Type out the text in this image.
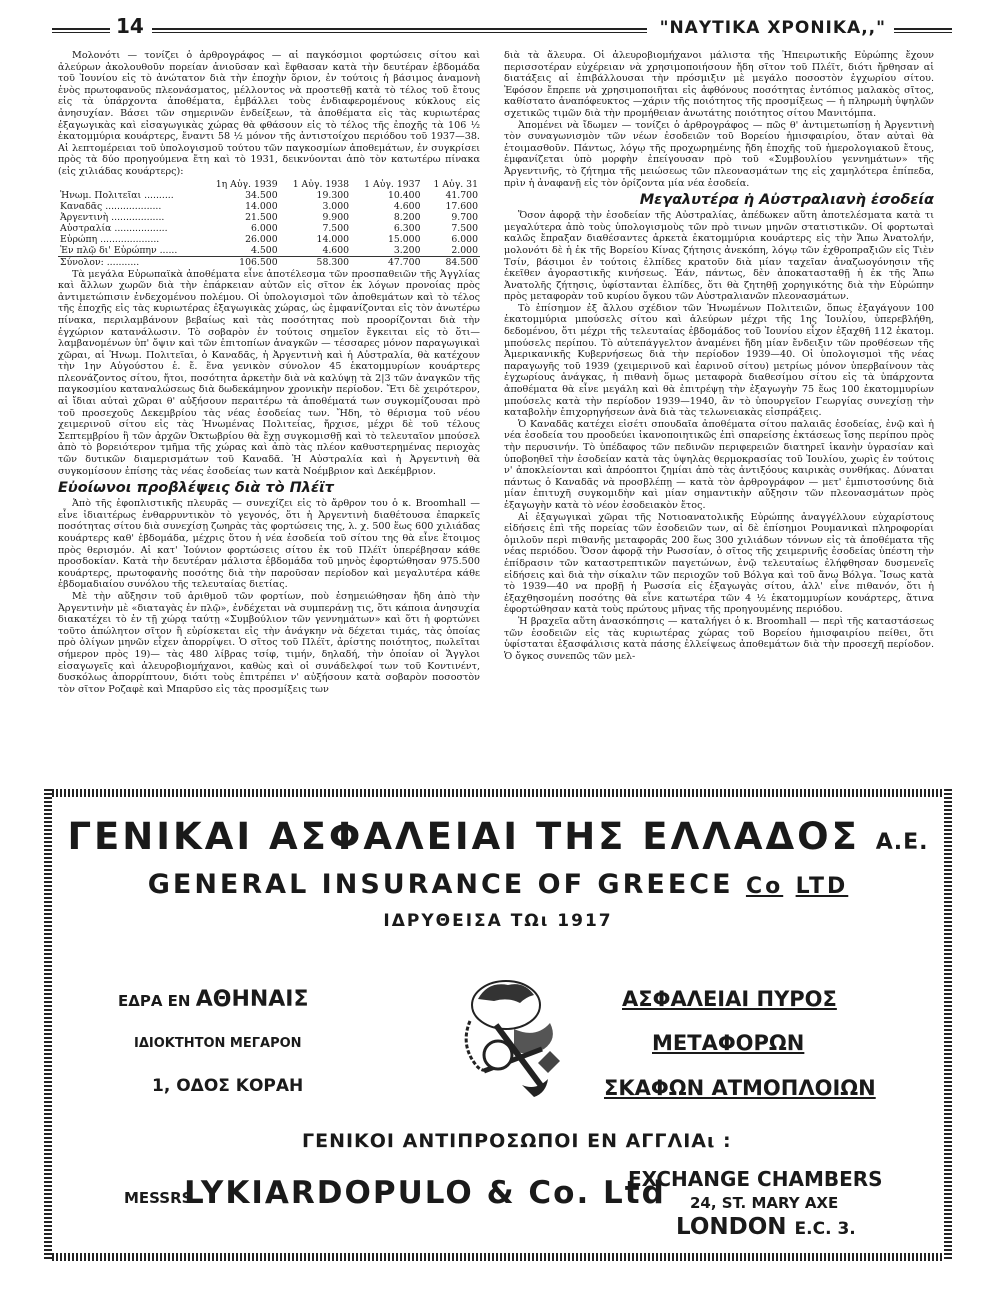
14	"ΝΑΥΤΙΚΑ ΧΡΟΝΙΚΑ,,"

Μολονότι — τονίζει ὁ ἀρθρογράφος — αἱ παγκόσμιοι φορτώσεις σίτου καὶ ἀλεύρων ἀκολουθοῦν πορείαν ἀνιοῦσαν καὶ ἔφθασαν κατὰ τὴν δευτέραν ἑβδομάδα τοῦ Ἰουνίου εἰς τὸ ἀνώτατον διὰ τὴν ἐποχὴν ὅριον, ἐν τούτοις ἡ βάσιμος ἀναμονὴ ἑνὸς πρωτοφανοῦς πλεονάσματος, μέλλοντος νὰ προστεθῇ κατὰ τὸ τέλος τοῦ ἔτους εἰς τὰ ὑπάρχοντα ἀποθέματα, ἐμβάλλει τοὺς ἐνδιαφερομένους κύκλους εἰς ἀνησυχίαν. Βάσει τῶν σημερινῶν ἐνδείξεων, τὰ ἀποθέματα εἰς τὰς κυριωτέρας ἐξαγωγικὰς καὶ εἰσαγωγικὰς χώρας θὰ φθάσουν εἰς τὸ τέλος τῆς ἐποχῆς τὰ 106 ½ ἑκατομμύρια κουάρτερς, ἔναντι 58 ½ μόνον τῆς ἀντιστοίχου περιόδου τοῦ 1937—38. Αἱ λεπτομέρειαι τοῦ ὑπολογισμοῦ τούτου τῶν παγκοσμίων ἀποθεμάτων, ἐν συγκρίσει πρὸς τὰ δύο προηγούμενα ἔτη καὶ τὸ 1931, δεικνύονται ἀπὸ τὸν κατωτέρω πίνακα (εἰς χιλιάδας κουάρτερς):

	1η Αὐγ. 1939	1 Αὐγ. 1938	1 Αὐγ. 1937	1 Αὐγ. 31
Ἡνωμ. Πολιτεῖαι ..........	34.500	19.300	10.400	41.700
Καναδᾶς ...................	14.000	3.000	4.600	17.600
Ἀργεντινὴ ..................	21.500	9.900	8.200	9.700
Αὐστραλία ..................	6.000	7.500	6.300	7.500
Εὐρώπη ....................	26.000	14.000	15.000	6.000
Ἐν πλῷ δι' Εὐρώπην ......	4.500	4.600	3.200	2.000
Σύνολον: ...........	106.500	58.300	47.700	84.500

Τὰ μεγάλα Εὐρωπαϊκὰ ἀποθέματα εἶνε ἀποτέλεσμα τῶν προσπαθειῶν τῆς Ἀγγλίας καὶ ἄλλων χωρῶν διὰ τὴν ἐπάρκειαν αὐτῶν εἰς σῖτον ἐκ λόγων προνοίας πρὸς ἀντιμετώπισιν ἐνδεχομένου πολέμου. Οἱ ὑπολογισμοὶ τῶν ἀποθεμάτων καὶ τὸ τέλος τῆς ἐποχῆς εἰς τὰς κυριωτέρας ἐξαγωγικὰς χώρας, ὡς ἐμφανίζονται εἰς τὸν ἀνωτέρω πίνακα, περιλαμβάνουν βεβαίως καὶ τὰς ποσότητας ποὺ προορίζονται διὰ τὴν ἐγχώριον κατανάλωσιν. Τὸ σοβαρὸν ἐν τούτοις σημεῖον ἔγκειται εἰς τὸ ὅτι— λαμβανομένων ὑπ' ὄψιν καὶ τῶν ἐπιτοπίων ἀναγκῶν — τέσσαρες μόνον παραγωγικαὶ χῶραι, αἱ Ἡνωμ. Πολιτεῖαι, ὁ Καναδᾶς, ἡ Ἀργεντινὴ καὶ ἡ Αὐστραλία, θὰ κατέχουν τὴν 1ην Αὐγούστου ἑ. ἔ. ἕνα γενικὸν σύνολον 45 ἑκατομμυρίων κουάρτερς πλεονάζοντος σίτου, ἤτοι, ποσότητα ἀρκετὴν διὰ νὰ καλύψῃ τὰ 2|3 τῶν ἀναγκῶν τῆς παγκοσμίου καταναλώσεως διὰ δωδεκάμηνον χρονικὴν περίοδον. Ἔτι δὲ χειρότερον, αἱ ἴδιαι αὐταὶ χῶραι θ' αὐξήσουν περαιτέρω τὰ ἀποθέματά των συγκομίζουσαι πρὸ τοῦ προσεχοῦς Δεκεμβρίου τὰς νέας ἐσοδείας των. Ἤδη, τὸ θέρισμα τοῦ νέου χειμερινοῦ σίτου εἰς τὰς Ἡνωμένας Πολιτείας, ἤρχισε, μέχρι δὲ τοῦ τέλους Σεπτεμβρίου ἢ τῶν ἀρχῶν Ὀκτωβρίου θὰ ἔχῃ συγκομισθῇ καὶ τὸ τελευταῖον μπούσελ ἀπὸ τὸ βορειότερον τμῆμα τῆς χώρας καὶ ἀπὸ τὰς πλέον καθυστερημένας περιοχὰς τῶν δυτικῶν διαμερισμάτων τοῦ Καναδᾶ. Ἡ Αὐστραλία καὶ ἡ Ἀργεντινὴ θὰ συγκομίσουν ἐπίσης τὰς νέας ἐσοδείας των κατὰ Νοέμβριον καὶ Δεκέμβριον.

Εὐοίωνοι προβλέψεις διὰ τὸ Πλέϊτ

Ἀπὸ τῆς ἐφοπλιστικῆς πλευρᾶς — συνεχίζει εἰς τὸ ἄρθρον του ὁ κ. Broomhall — εἶνε ἰδιαιτέρως ἐνθαρρυντικὸν τὸ γεγονός, ὅτι ἡ Ἀργεντινὴ διαθέτουσα ἐπαρκεῖς ποσότητας σίτου διὰ συνεχίσῃ ζωηρὰς τὰς φορτώσεις της, λ. χ. 500 ἕως 600 χιλιάδας κουάρτερς καθ' ἑβδομάδα, μέχρις ὅτου ἡ νέα ἐσοδεία τοῦ σίτου της θὰ εἶνε ἕτοιμος πρὸς θερισμόν. Αἱ κατ' Ἰούνιον φορτώσεις σίτου ἐκ τοῦ Πλέϊτ ὑπερέβησαν κάθε προσδοκίαν. Κατὰ τὴν δευτέραν μάλιστα ἑβδομάδα τοῦ μηνὸς ἐφορτώθησαν 975.500 κουάρτερς, πρωτοφανὴς ποσότης διὰ τὴν παροῦσαν περίοδον καὶ μεγαλυτέρα κάθε ἑβδομαδιαίου συνόλου τῆς τελευταίας διετίας.

Μὲ τὴν αὔξησιν τοῦ ἀριθμοῦ τῶν φορτίων, ποὺ ἐσημειώθησαν ἤδη ἀπὸ τὴν Ἀργεντινὴν μὲ «διαταγὰς ἐν πλῷ», ἐνδέχεται νὰ συμπεράνῃ τις, ὅτι κάποια ἀνησυχία διακατέχει τὸ ἐν τῇ χώρᾳ ταύτῃ «Συμβούλιον τῶν γεννημάτων» καὶ ὅτι ἡ φορτώνει τοῦτο ἀπώλητον σῖτον ἢ εὑρίσκεται εἰς τὴν ἀνάγκην νὰ δέχεται τιμάς, τὰς ὁποίας πρὸ ὀλίγων μηνῶν εἶχεν ἀπορρίψει. Ὁ σῖτος τοῦ Πλέϊτ, ἀρίστης ποιότητος, πωλεῖται σήμερον πρὸς 19)— τὰς 480 λίβρας τσίφ, τιμήν, δηλαδή, τὴν ὁποίαν οἱ Ἄγγλοι εἰσαγωγεῖς καὶ ἀλευροβιομήχανοι, καθὼς καὶ οἱ συνάδελφοί των τοῦ Κοντινέντ, δυσκόλως ἀπορρίπτουν, διότι τοὺς ἐπιτρέπει ν' αὐξήσουν κατὰ σοβαρὸν ποσοστὸν τὸν σῖτον Ροζαφὲ καὶ Μπαρῦσο εἰς τὰς προσμίξεις των

διὰ τὰ ἄλευρα. Οἱ ἀλευροβιομήχανοι μάλιστα τῆς Ἠπειρωτικῆς Εὐρώπης ἔχουν περισσοτέραν εὐχέρειαν νὰ χρησιμοποιήσουν ἤδη σῖτον τοῦ Πλέϊτ, διότι ἤρθησαν αἱ διατάξεις αἱ ἐπιβάλλουσαι τὴν πρόσμιξιν μὲ μεγάλο ποσοστὸν ἐγχωρίου σίτου. Ἐφόσον ἔπρεπε νὰ χρησιμοποιῆται εἰς ἀφθόνους ποσότητας ἐντόπιος μαλακὸς σῖτος, καθίστατο ἀναπόφευκτος —χάριν τῆς ποιότητος τῆς προσμίξεως — ἡ πληρωμὴ ὑψηλῶν σχετικῶς τιμῶν διὰ τὴν προμήθειαν ἀνωτάτης ποιότητος σίτου Μανιτόμπα.

Ἀπομένει νὰ ἴδωμεν — τονίζει ὁ ἀρθρογράφος — πῶς θ' ἀντιμετωπίσῃ ἡ Ἀργεντινὴ τὸν συναγωνισμὸν τῶν νέων ἐσοδειῶν τοῦ Βορείου ἡμισφαιρίου, ὅταν αὐταὶ θὰ ἑτοιμασθοῦν. Πάντως, λόγῳ τῆς προχωρημένης ἤδη ἐποχῆς τοῦ ἡμερολογιακοῦ ἔτους, ἐμφανίζεται ὑπὸ μορφὴν ἐπείγουσαν πρὸ τοῦ «Συμβουλίου γεννημάτων» τῆς Ἀργεντινῆς, τὸ ζήτημα τῆς μειώσεως τῶν πλεονασμάτων της εἰς χαμηλότερα ἐπίπεδα, πρὶν ἡ ἀναφανῇ εἰς τὸν ὁρίζοντα μία νέα ἐσοδεία.

Μεγαλυτέρα ἡ Αὐστραλιανὴ ἐσοδεία

Ὅσον ἀφορᾷ τὴν ἐσοδείαν τῆς Αὐστραλίας, ἀπέδωκεν αὕτη ἀποτελέσματα κατὰ τι μεγαλύτερα ἀπὸ τοὺς ὑπολογισμοὺς τῶν πρὸ τινων μηνῶν στατιστικῶν. Οἱ φορτωταὶ καλῶς ἔπραξαν διαθέσαντες ἀρκετὰ ἑκατομμύρια κουάρτερς εἰς τὴν Ἄπω Ἀνατολήν, μολονότι δὲ ἡ ἐκ τῆς Βορείου Κίνας ζήτησις ἀνεκόπη, λόγῳ τῶν ἐχθροπραξιῶν εἰς Τιὲν Τσίν, βάσιμοι ἐν τούτοις ἐλπίδες κρατοῦν διὰ μίαν ταχεῖαν ἀναζωογόνησιν τῆς ἐκεῖθεν ἀγοραστικῆς κινήσεως. Ἐάν, πάντως, δὲν ἀποκατασταθῇ ἡ ἐκ τῆς Ἄπω Ἀνατολῆς ζήτησις, ὑφίστανται ἐλπίδες, ὅτι θὰ ζητηθῇ χορηγικότης διὰ τὴν Εὐρώπην πρὸς μεταφορὰν τοῦ κυρίου ὄγκου τῶν Αὐστραλιανῶν πλεονασμάτων.

Τὸ ἐπίσημον ἐξ ἄλλου σχέδιον τῶν Ἡνωμένων Πολιτειῶν, ὅπως ἐξαγάγουν 100 ἑκατομμύρια μπούσελς σίτου καὶ ἀλεύρων μέχρι τῆς 1ης Ἰουλίου, ὑπερεβλήθη, δεδομένου, ὅτι μέχρι τῆς τελευταίας ἑβδομάδος τοῦ Ἰουνίου εἶχον ἐξαχθῆ 112 ἑκατομ. μπούσελς περίπου. Τὸ αὐτεπάγγελτον ἀναμένει ἤδη μίαν ἔνδειξιν τῶν προθέσεων τῆς Ἀμερικανικῆς Κυβερνήσεως διὰ τὴν περίοδον 1939—40. Οἱ ὑπολογισμοὶ τῆς νέας παραγωγῆς τοῦ 1939 (χειμερινοῦ καὶ ἐαρινοῦ σίτου) μετρίως μόνον ὑπερβαίνουν τὰς ἐγχωρίους ἀνάγκας, ἡ πιθανὴ ὅμως μεταφορὰ διαθεσίμου σίτου εἰς τὰ ὑπάρχοντα ἀποθέματα θὰ εἶνε μεγάλη καὶ θὰ ἐπιτρέψῃ τὴν ἐξαγωγὴν 75 ἕως 100 ἑκατομμυρίων μπούσελς κατὰ τὴν περίοδον 1939—1940, ἂν τὸ ὑπουργεῖον Γεωργίας συνεχίσῃ τὴν καταβολὴν ἐπιχορηγήσεων ἀνὰ διὰ τὰς τελωνειακὰς εἰσπράξεις.

Ὁ Καναδᾶς κατέχει εἰσέτι σπουδαῖα ἀποθέματα σίτου παλαιᾶς ἐσοδείας, ἐνῷ καὶ ἡ νέα ἐσοδεία του προοδεύει ἱκανοποιητικῶς ἐπὶ σπαρείσης ἐκτάσεως ἴσης περίπου πρὸς τὴν περυσινήν. Τὸ ὑπέδαφος τῶν πεδινῶν περιφερειῶν διατηρεῖ ἱκανὴν ὑγρασίαν καὶ ὑποβοηθεῖ τὴν ἐσοδείαν κατὰ τὰς ὑψηλὰς θερμοκρασίας τοῦ Ἰουλίου, χωρὶς ἐν τούτοις ν' ἀποκλείονται καὶ ἀπρόοπτοι ζημίαι ἀπὸ τὰς ἀντιξόους καιρικὰς συνθήκας. Δύναται πάντως ὁ Καναδᾶς νὰ προσβλέπῃ — κατὰ τὸν ἀρθρογράφον — μετ' ἐμπιστοσύνης διὰ μίαν ἐπιτυχῆ συγκομιδὴν καὶ μίαν σημαντικὴν αὔξησιν τῶν πλεονασμάτων πρὸς ἐξαγωγὴν κατὰ τὸ νέον ἐσοδειακὸν ἔτος.

Αἱ ἐξαγωγικαὶ χῶραι τῆς Νοτιοανατολικῆς Εὐρώπης ἀναγγέλλουν εὐχαρίστους εἰδήσεις ἐπὶ τῆς πορείας τῶν ἐσοδειῶν των, αἱ δὲ ἐπίσημοι Ρουμανικαὶ πληροφορίαι ὁμιλοῦν περὶ πιθανῆς μεταφορᾶς 200 ἕως 300 χιλιάδων τόννων εἰς τὰ ἀποθέματα τῆς νέας περιόδου. Ὅσον ἀφορᾷ τὴν Ρωσσίαν, ὁ σῖτος τῆς χειμερινῆς ἐσοδείας ὑπέστη τὴν ἐπίδρασιν τῶν καταστρεπτικῶν παγετώνων, ἐνῷ τελευταίως ἐλήφθησαν δυσμενεῖς εἰδήσεις καὶ διὰ τὴν σίκαλιν τῶν περιοχῶν τοῦ Βόλγα καὶ τοῦ ἄνω Βόλγα. Ἴσως κατὰ τὸ 1939—40 να προβῇ ἡ Ρωσσία εἰς ἐξαγωγὰς σίτου, ἀλλ' εἶνε πιθανόν, ὅτι ἡ ἐξαχθησομένη ποσότης θὰ εἶνε κατωτέρα τῶν 4 ½ ἑκατομμυρίων κουάρτερς, ἅτινα ἐφορτώθησαν κατὰ τοὺς πρώτους μῆνας τῆς προηγουμένης περιόδου.

Ἡ βραχεῖα αὕτη ἀνασκόπησις — καταλήγει ὁ κ. Broomhall — περὶ τῆς καταστάσεως τῶν ἐσοδειῶν εἰς τὰς κυριωτέρας χώρας τοῦ Βορείου ἡμισφαιρίου πείθει, ὅτι ὑφίσταται ἐξασφάλισις κατὰ πάσης ἐλλείψεως ἀποθεμάτων διὰ τὴν προσεχῆ περίοδον. Ὁ ὄγκος συνεπῶς τῶν μελ-

ΓΕΝΙΚΑΙ ΑΣΦΑΛΕΙΑΙ ΤΗΣ ΕΛΛΑΔΟΣ Α.Ε.
GENERAL INSURANCE OF GREECE Co LTD
ΙΔΡΥΘΕΙΣΑ ΤΩι 1917
ΕΔΡΑ ΕΝ ΑΘΗΝΑΙΣ
ΙΔΙΟΚΤΗΤΟΝ ΜΕΓΑΡΟΝ
1, ΟΔΟΣ ΚΟΡΑΗ
ΑΣΦΑΛΕΙΑΙ ΠΥΡΟΣ
ΜΕΤΑΦΟΡΩΝ
ΣΚΑΦΩΝ ΑΤΜΟΠΛΟΙΩΝ
ΓΕΝΙΚΟΙ ΑΝΤΙΠΡΟΣΩΠΟΙ ΕΝ ΑΓΓΛΙΑι :
MESSRS
LYKIARDOPULO & Co. Ltd
EXCHANGE CHAMBERS
24, ST. MARY AXE
LONDON E.C. 3.
